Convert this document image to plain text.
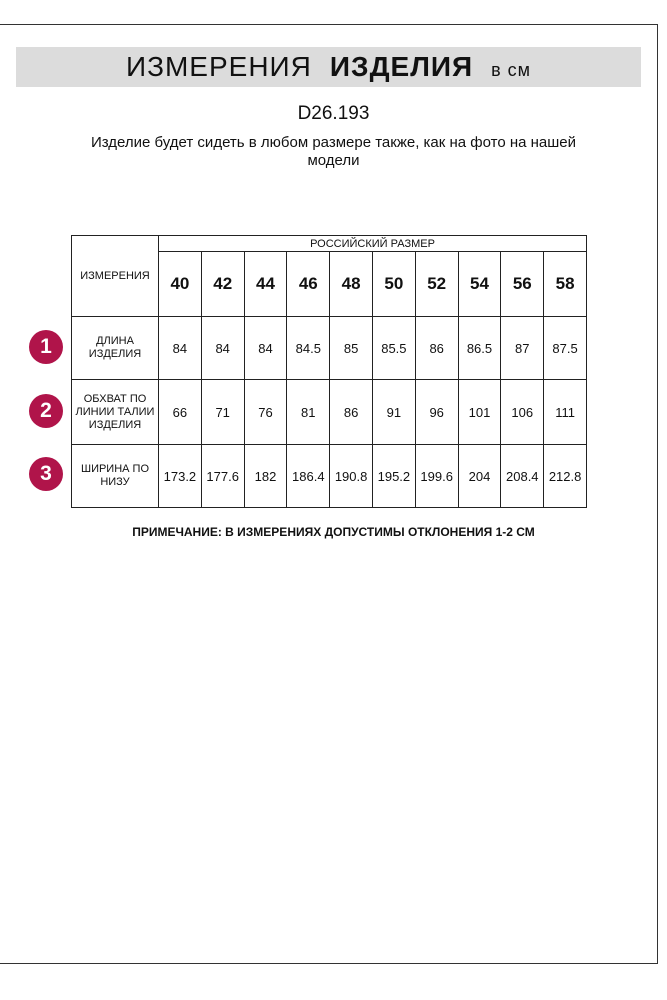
ИЗМЕРЕНИЯ ИЗДЕЛИЯ в см
D26.193
Изделие будет сидеть в любом размере также, как на фото на нашей модели
ИЗМЕРЕНИЯ	РОССИЙСКИЙ РАЗМЕР									
	40	42	44	46	48	50	52	54	56	58
ДЛИНА ИЗДЕЛИЯ	84	84	84	84.5	85	85.5	86	86.5	87	87.5
ОБХВАТ ПО ЛИНИИ ТАЛИИ ИЗДЕЛИЯ	66	71	76	81	86	91	96	101	106	111
ШИРИНА ПО НИЗУ	173.2	177.6	182	186.4	190.8	195.2	199.6	204	208.4	212.8
1
2
3
ПРИМЕЧАНИЕ: В ИЗМЕРЕНИЯХ ДОПУСТИМЫ ОТКЛОНЕНИЯ 1-2 СМ
